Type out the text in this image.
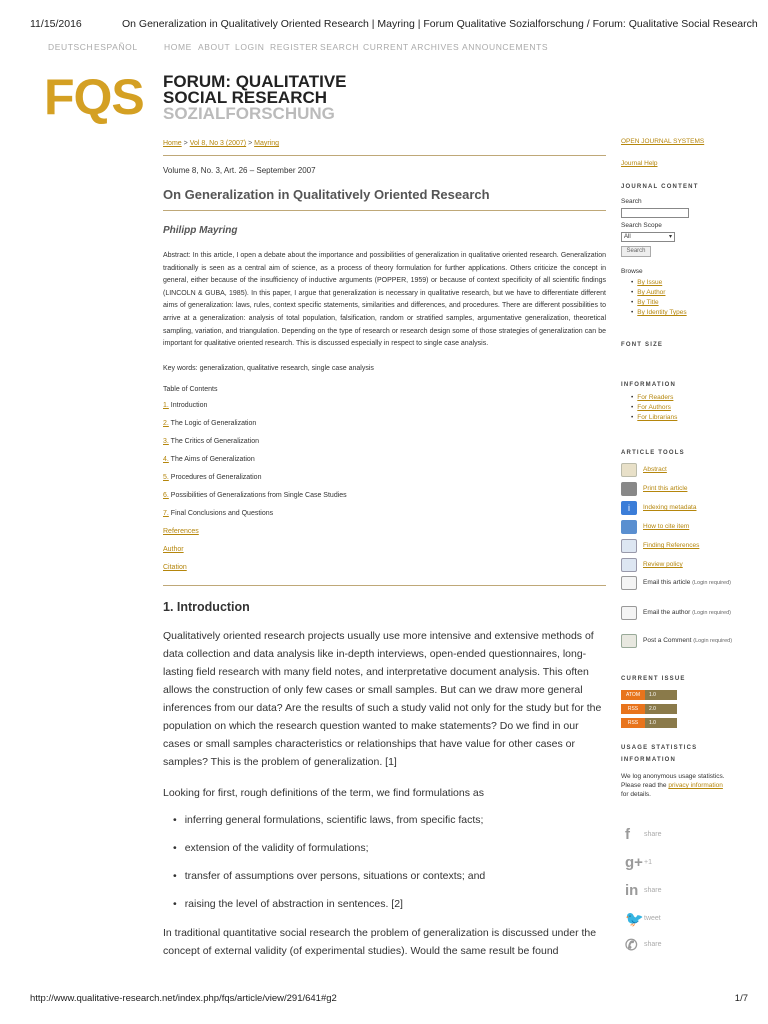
11/15/2016	On Generalization in Qualitatively Oriented Research | Mayring | Forum Qualitative Sozialforschung / Forum: Qualitative Social Research
DEUTSCH ESPAÑOL	HOME ABOUT LOGIN REGISTER SEARCH CURRENT ARCHIVES ANNOUNCEMENTS
FQS FORUM: QUALITATIVE
SOCIAL RESEARCH
SOZIALFORSCHUNG
Home > Vol 8, No 3 (2007) > Mayring
Volume 8, No. 3, Art. 26 – September 2007
On Generalization in Qualitatively Oriented Research
Philipp Mayring
Abstract: In this article, I open a debate about the importance and possibilities of generalization in qualitative oriented research. Generalization traditionally is seen as a central aim of science, as a process of theory formulation for further applications. Others criticize the concept in general, either because of the insufficiency of inductive arguments (POPPER, 1959) or because of context specificity of all scientific findings (LINCOLN & GUBA, 1985). In this paper, I argue that generalization is necessary in qualitative research, but we have to differentiate different aims of generalization: laws, rules, context specific statements, similarities and differences, and procedures. There are different possibilities to arrive at a generalization: analysis of total population, falsification, random or stratified samples, argumentative generalization, theoretical sampling, variation, and triangulation. Depending on the type of research or research design some of those strategies of generalization can be important for qualitative oriented research. This is discussed especially in respect to single case analysis.
Key words: generalization, qualitative research, single case analysis
Table of Contents
1. Introduction
2. The Logic of Generalization
3. The Critics of Generalization
4. The Aims of Generalization
5. Procedures of Generalization
6. Possibilities of Generalizations from Single Case Studies
7. Final Conclusions and Questions
References
Author
Citation
1. Introduction

Qualitatively oriented research projects usually use more intensive and extensive methods of data collection and data analysis like in-depth interviews, open-ended questionnaires, long-lasting field research with many field notes, and interpretative document analysis. This often allows the construction of only few cases or small samples. But can we draw more general inferences from our data? Are the results of such a study valid not only for the study but for the population on which the research question wanted to make statements? Do we find in our cases or small samples characteristics or relationships that have value for other cases or samples? This is the problem of generalization. [1]

Looking for first, rough definitions of the term, we find formulations as

• inferring general formulations, scientific laws, from specific facts;
• extension of the validity of formulations;
• transfer of assumptions over persons, situations or contexts; and
• raising the level of abstraction in sentences. [2]

In traditional quantitative social research the problem of generalization is discussed under the concept of external validity (of experimental studies). Would the same result be found

OPEN JOURNAL SYSTEMS
Journal Help
JOURNAL CONTENT
Search
Search Scope
All ▾
Search
Browse
• By Issue
• By Author
• By Title
• By Identity Types
FONT SIZE
INFORMATION
• For Readers
• For Authors
• For Librarians
ARTICLE TOOLS
Abstract
Print this article
i	Indexing metadata
How to cite item
Finding References
Review policy
Email this article (Login required)
Email the author (Login required)
Post a Comment (Login required)
CURRENT ISSUE
ATOM 1.0
RSS 2.0
RSS 1.0
USAGE STATISTICS INFORMATION
We log anonymous usage statistics. Please read the privacy information for details.
f share
g+ +1
in share
🐦 tweet
✆ share
http://www.qualitative-research.net/index.php/fqs/article/view/291/641#g2	1/7
